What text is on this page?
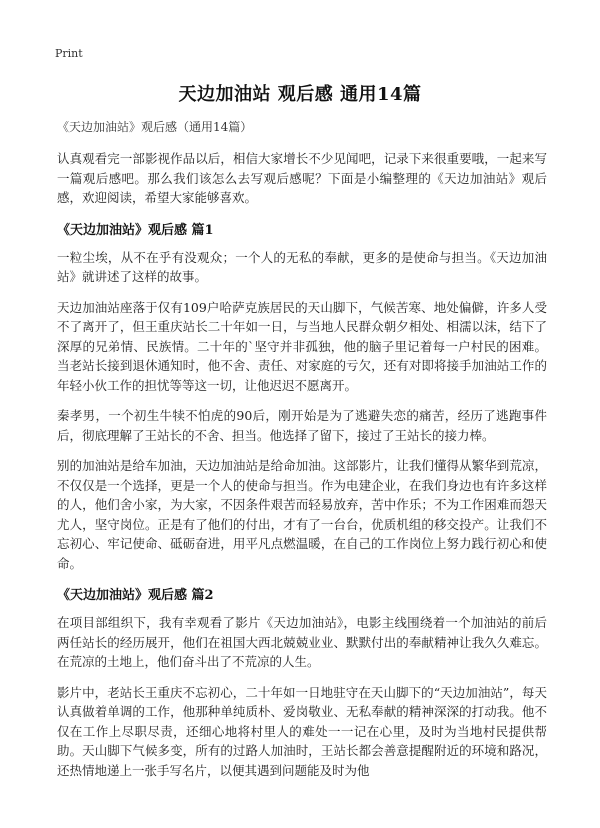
Print
天边加油站 观后感 通用14篇
《天边加油站》观后感（通用14篇）

认真观看完一部影视作品以后，相信大家增长不少见闻吧，记录下来很重要哦，一起来写一篇观后感吧。那么我们该怎么去写观后感呢？下面是小编整理的《天边加油站》观后感，欢迎阅读，希望大家能够喜欢。

《天边加油站》观后感 篇1

一粒尘埃，从不在乎有没观众；一个人的无私的奉献，更多的是使命与担当。《天边加油站》就讲述了这样的故事。

天边加油站座落于仅有109户哈萨克族居民的天山脚下，气候苦寒、地处偏僻，许多人受不了离开了，但王重庆站长二十年如一日，与当地人民群众朝夕相处、相濡以沫，结下了深厚的兄弟情、民族情。二十年的`坚守并非孤独，他的脑子里记着每一户村民的困难。当老站长接到退休通知时，他不舍、责任、对家庭的亏欠，还有对即将接手加油站工作的年轻小伙工作的担忧等等这一切，让他迟迟不愿离开。

秦孝男，一个初生牛犊不怕虎的90后，刚开始是为了逃避失恋的痛苦，经历了逃跑事件后，彻底理解了王站长的不舍、担当。他选择了留下，接过了王站长的接力棒。

别的加油站是给车加油，天边加油站是给命加油。这部影片，让我们懂得从繁华到荒凉，不仅仅是一个选择，更是一个人的使命与担当。作为电建企业，在我们身边也有许多这样的人，他们舍小家，为大家，不因条件艰苦而轻易放弃，苦中作乐；不为工作困难而怨天尤人，坚守岗位。正是有了他们的付出，才有了一台台，优质机组的移交投产。让我们不忘初心、牢记使命、砥砺奋进，用平凡点燃温暖，在自己的工作岗位上努力践行初心和使命。

《天边加油站》观后感 篇2

在项目部组织下，我有幸观看了影片《天边加油站》，电影主线围绕着一个加油站的前后两任站长的经历展开，他们在祖国大西北兢兢业业、默默付出的奉献精神让我久久难忘。在荒凉的土地上，他们奋斗出了不荒凉的人生。

影片中，老站长王重庆不忘初心，二十年如一日地驻守在天山脚下的“天边加油站”，每天认真做着单调的工作，他那种单纯质朴、爱岗敬业、无私奉献的精神深深的打动我。他不仅在工作上尽职尽责，还细心地将村里人的难处一一记在心里，及时为当地村民提供帮助。天山脚下气候多变，所有的过路人加油时，王站长都会善意提醒附近的环境和路况，还热情地递上一张手写名片，以便其遇到问题能及时为他
